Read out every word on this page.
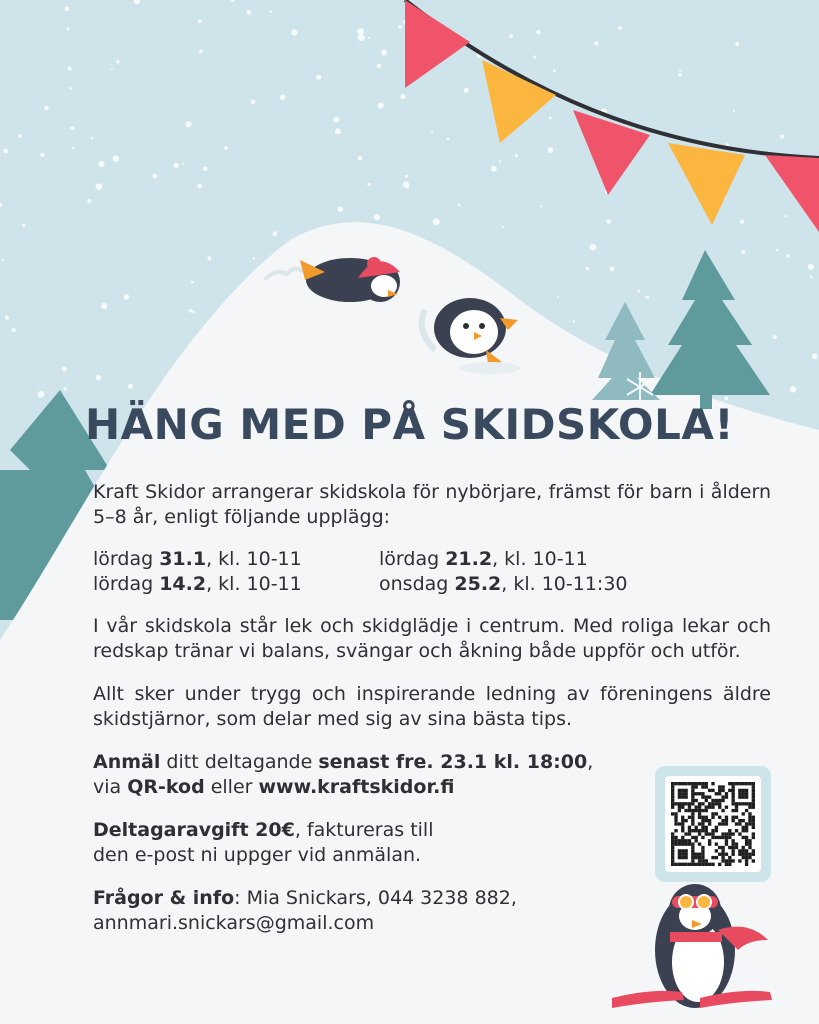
HÄNG MED PÅ SKIDSKOLA!

Kraft Skidor arrangerar skidskola för nybörjare, främst för barn i åldern 5–8 år, enligt följande upplägg:

lördag 31.1, kl. 10-11	lördag 21.2, kl. 10-11
lördag 14.2, kl. 10-11	onsdag 25.2, kl. 10-11:30

I vår skidskola står lek och skidglädje i centrum. Med roliga lekar och redskap tränar vi balans, svängar och åkning både uppför och utför.

Allt sker under trygg och inspirerande ledning av föreningens äldre skidstjärnor, som delar med sig av sina bästa tips.

Anmäl ditt deltagande senast fre. 23.1 kl. 18:00,
via QR-kod eller www.kraftskidor.fi

Deltagaravgift 20€, faktureras till
den e-post ni uppger vid anmälan.

Frågor & info: Mia Snickars, 044 3238 882,
annmari.snickars@gmail.com
